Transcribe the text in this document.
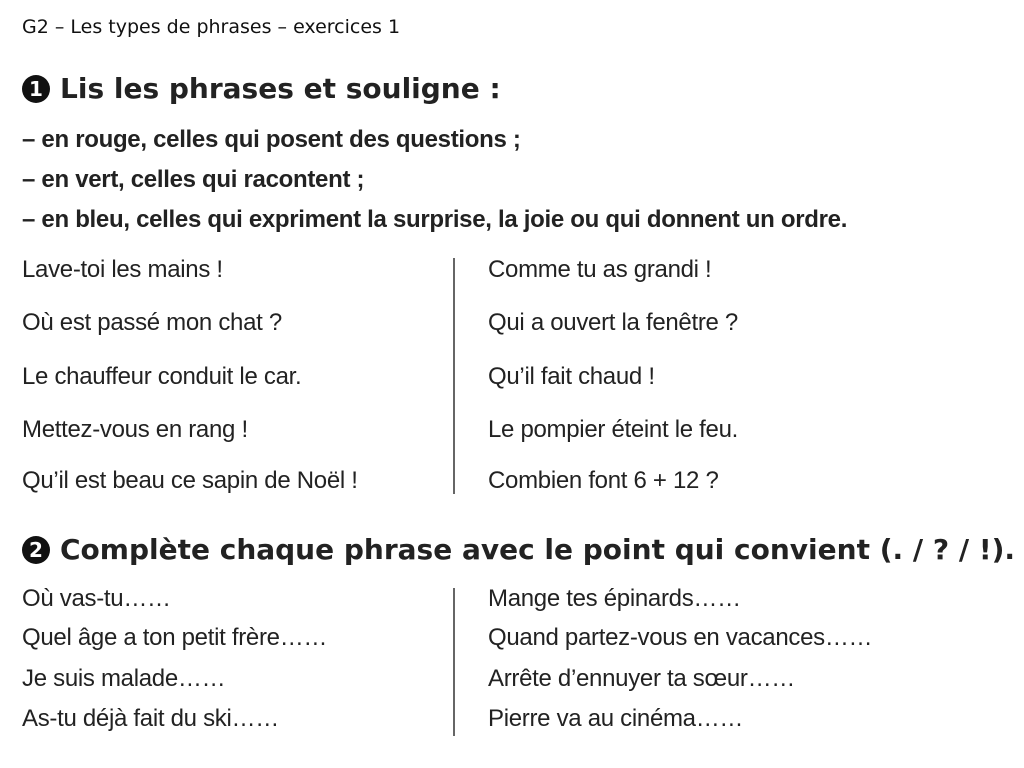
G2 – Les types de phrases – exercices 1
1 Lis les phrases et souligne :
– en rouge, celles qui posent des questions ;
– en vert, celles qui racontent ;
– en bleu, celles qui expriment la surprise, la joie ou qui donnent un ordre.
Lave-toi les mains !
Où est passé mon chat ?
Le chauffeur conduit le car.
Mettez-vous en rang !
Qu’il est beau ce sapin de Noël !
Comme tu as grandi !
Qui a ouvert la fenêtre ?
Qu’il fait chaud !
Le pompier éteint le feu.
Combien font 6 + 12 ?
2 Complète chaque phrase avec le point qui convient (. / ? / !).
Où vas-tu……
Quel âge a ton petit frère……
Je suis malade……
As-tu déjà fait du ski……
Mange tes épinards……
Quand partez-vous en vacances……
Arrête d’ennuyer ta sœur……
Pierre va au cinéma……
